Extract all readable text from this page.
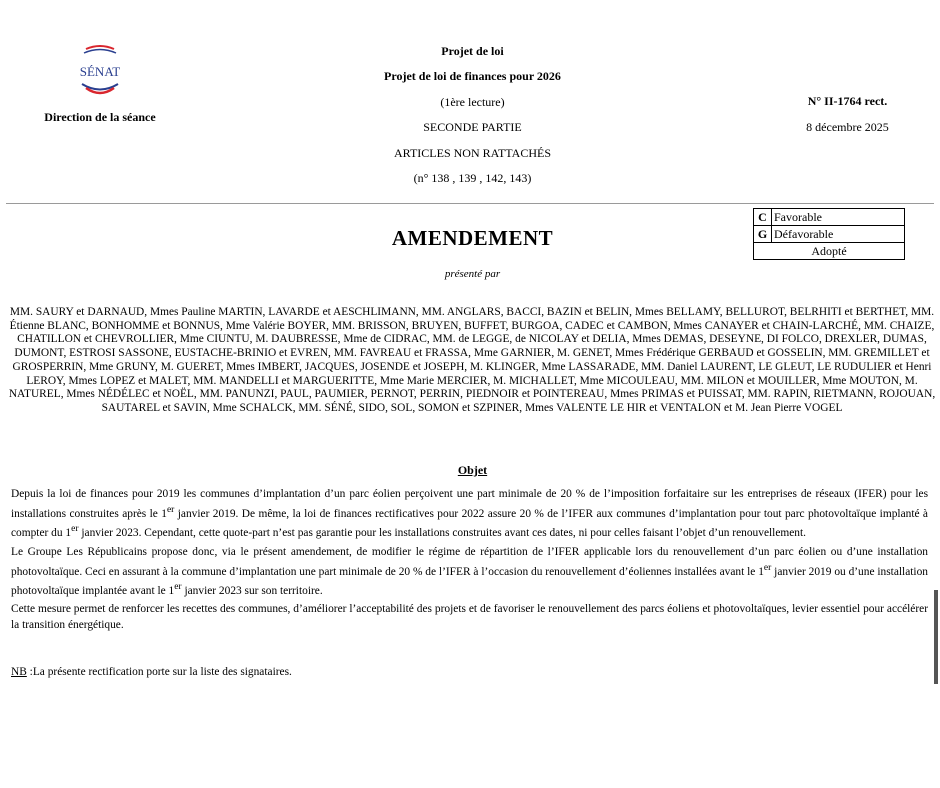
SÉNAT
Direction de la séance
Projet de loi
Projet de loi de finances pour 2026
(1ère lecture)
SECONDE PARTIE
ARTICLES NON RATTACHÉS
(n° 138 , 139 , 142, 143)
N° II-1764 rect.
8 décembre 2025
C	Favorable
G	Défavorable
Adopté	
AMENDEMENT
présenté par
MM. SAURY et DARNAUD, Mmes Pauline MARTIN, LAVARDE et AESCHLIMANN, MM. ANGLARS, BACCI, BAZIN et BELIN, Mmes BELLAMY, BELLUROT, BELRHITI et BERTHET, MM. Étienne BLANC, BONHOMME et BONNUS, Mme Valérie BOYER, MM. BRISSON, BRUYEN, BUFFET, BURGOA, CADEC et CAMBON, Mmes CANAYER et CHAIN-LARCHÉ, MM. CHAIZE, CHATILLON et CHEVROLLIER, Mme CIUNTU, M. DAUBRESSE, Mme de CIDRAC, MM. de LEGGE, de NICOLAY et DELIA, Mmes DEMAS, DESEYNE, DI FOLCO, DREXLER, DUMAS, DUMONT, ESTROSI SASSONE, EUSTACHE-BRINIO et EVREN, MM. FAVREAU et FRASSA, Mme GARNIER, M. GENET, Mmes Frédérique GERBAUD et GOSSELIN, MM. GREMILLET et GROSPERRIN, Mme GRUNY, M. GUERET, Mmes IMBERT, JACQUES, JOSENDE et JOSEPH, M. KLINGER, Mme LASSARADE, MM. Daniel LAURENT, LE GLEUT, LE RUDULIER et Henri LEROY, Mmes LOPEZ et MALET, MM. MANDELLI et MARGUERITTE, Mme Marie MERCIER, M. MICHALLET, Mme MICOULEAU, MM. MILON et MOUILLER, Mme MOUTON, M. NATUREL, Mmes NÉDÉLEC et NOËL, MM. PANUNZI, PAUL, PAUMIER, PERNOT, PERRIN, PIEDNOIR et POINTEREAU, Mmes PRIMAS et PUISSAT, MM. RAPIN, RIETMANN, ROJOUAN, SAUTAREL et SAVIN, Mme SCHALCK, MM. SÉNÉ, SIDO, SOL, SOMON et SZPINER, Mmes VALENTE LE HIR et VENTALON et M. Jean Pierre VOGEL
Objet
Depuis la loi de finances pour 2019 les communes d’implantation d’un parc éolien perçoivent une part minimale de 20 % de l’imposition forfaitaire sur les entreprises de réseaux (IFER) pour les installations construites après le 1er janvier 2019. De même, la loi de finances rectificatives pour 2022 assure 20 % de l’IFER aux communes d’implantation pour tout parc photovoltaïque implanté à compter du 1er janvier 2023. Cependant, cette quote-part n’est pas garantie pour les installations construites avant ces dates, ni pour celles faisant l’objet d’un renouvellement.
Le Groupe Les Républicains propose donc, via le présent amendement, de modifier le régime de répartition de l’IFER applicable lors du renouvellement d’un parc éolien ou d’une installation photovoltaïque. Ceci en assurant à la commune d’implantation une part minimale de 20 % de l’IFER à l’occasion du renouvellement d’éoliennes installées avant le 1er janvier 2019 ou d’une installation photovoltaïque implantée avant le 1er janvier 2023 sur son territoire.
Cette mesure permet de renforcer les recettes des communes, d’améliorer l’acceptabilité des projets et de favoriser le renouvellement des parcs éoliens et photovoltaïques, levier essentiel pour accélérer la transition énergétique.
NB :La présente rectification porte sur la liste des signataires.
